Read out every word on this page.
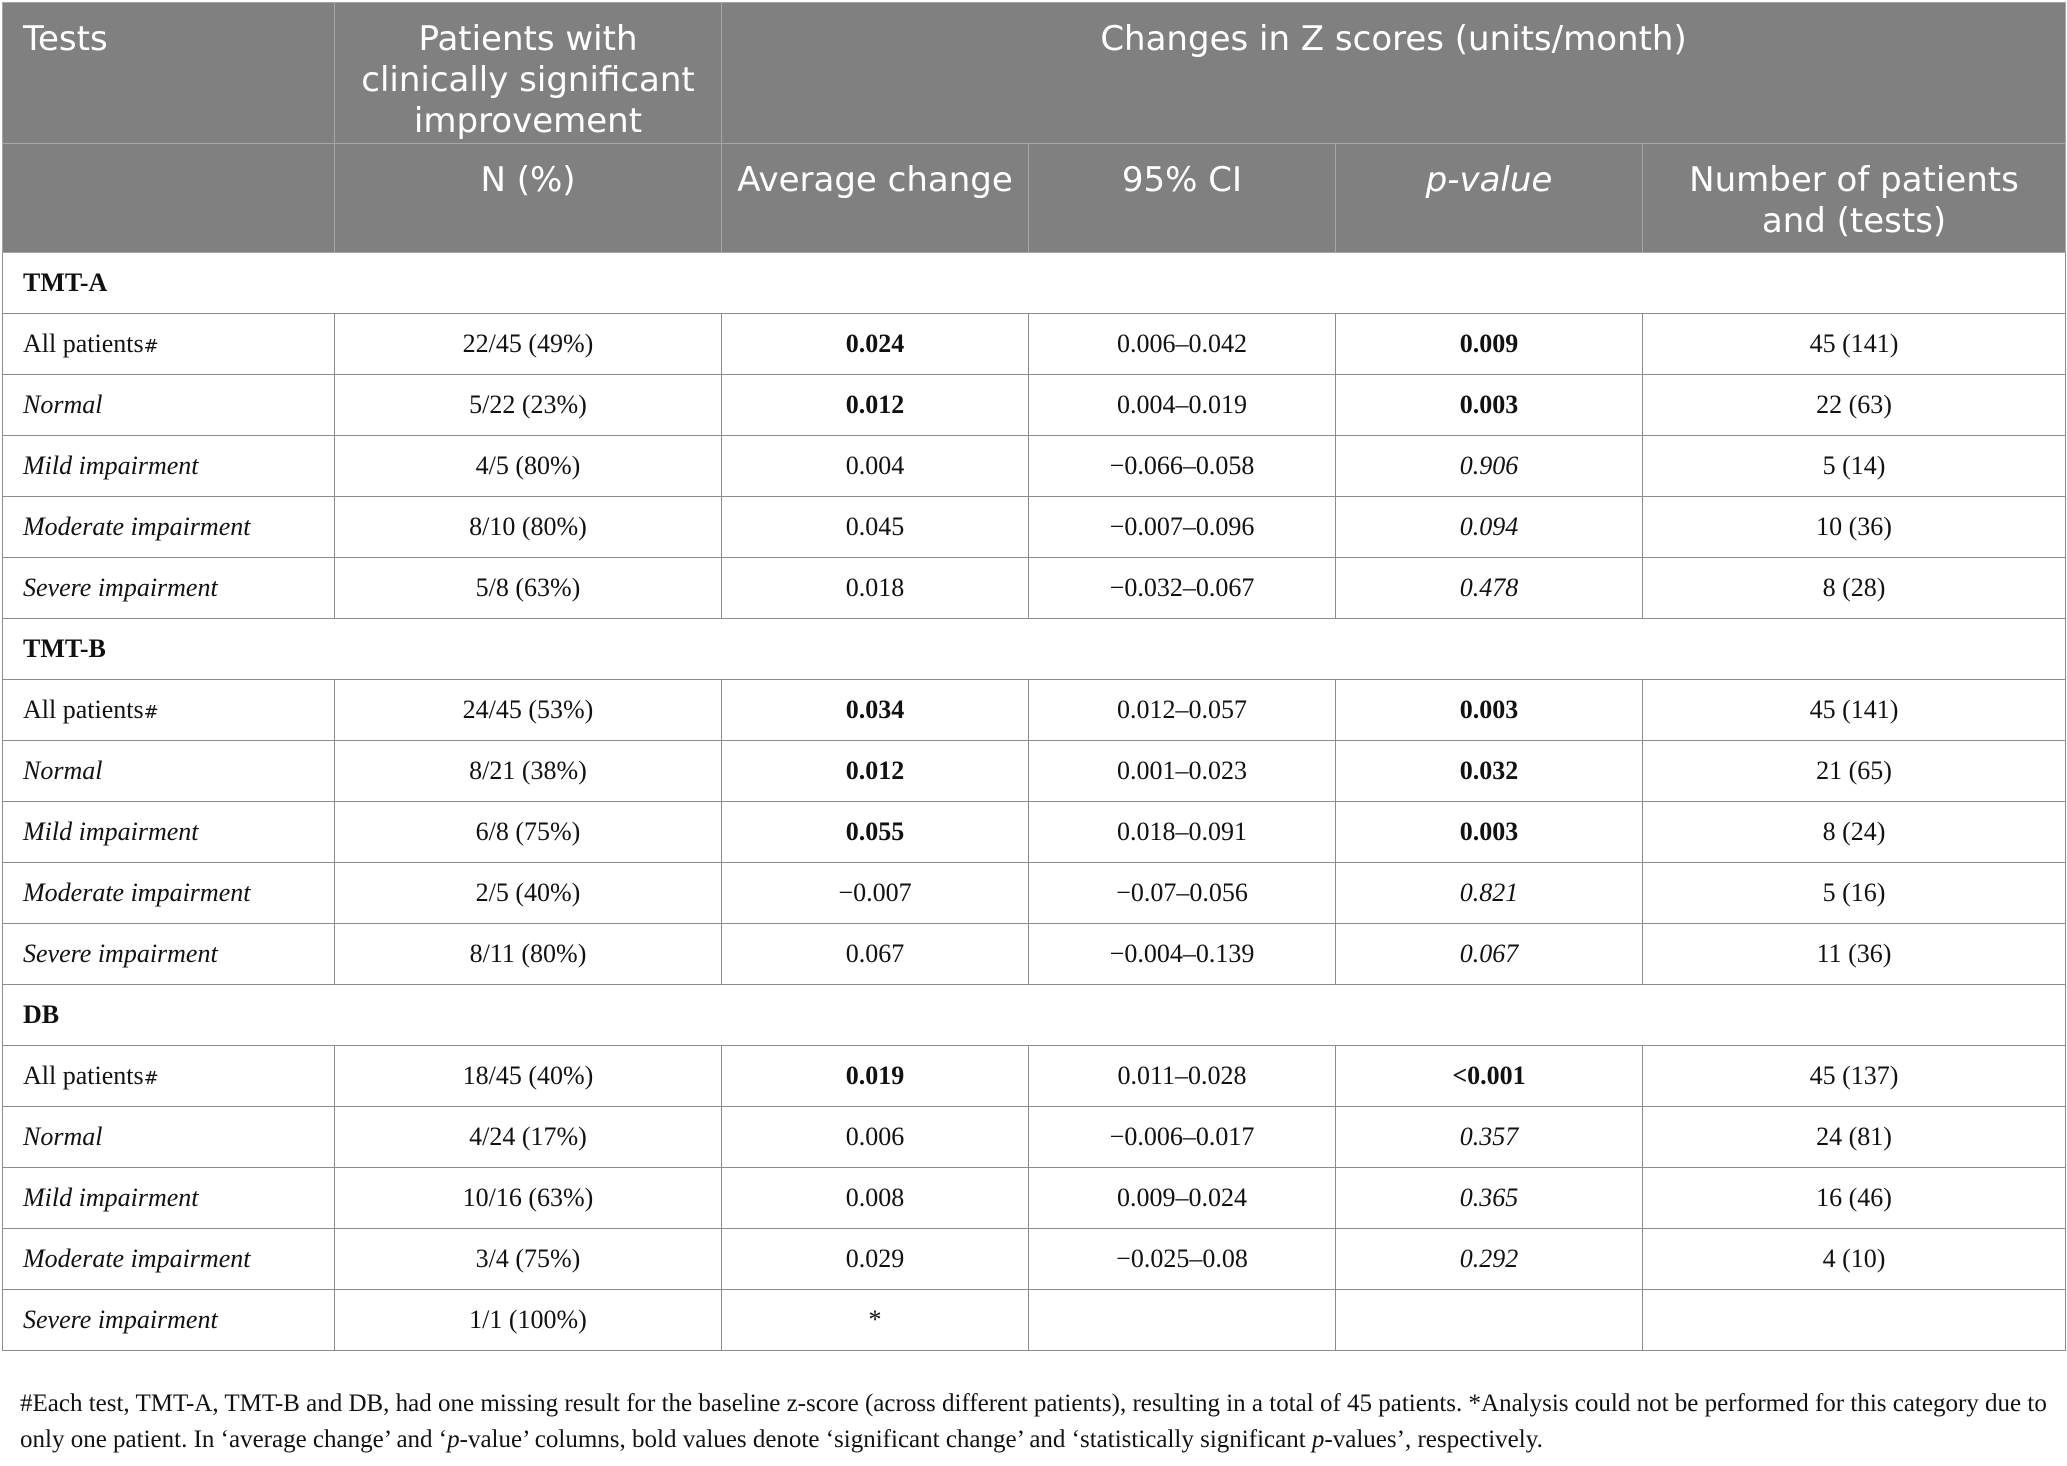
Tests	Patients with clinically significant improvement	Changes in Z scores (units/month)			
	N (%)	Average change	95% CI	p-value	Number of patients and (tests)
TMT-A					
All patients#	22/45 (49%)	0.024	0.006–0.042	0.009	45 (141)
Normal	5/22 (23%)	0.012	0.004–0.019	0.003	22 (63)
Mild impairment	4/5 (80%)	0.004	−0.066–0.058	0.906	5 (14)
Moderate impairment	8/10 (80%)	0.045	−0.007–0.096	0.094	10 (36)
Severe impairment	5/8 (63%)	0.018	−0.032–0.067	0.478	8 (28)
TMT-B					
All patients#	24/45 (53%)	0.034	0.012–0.057	0.003	45 (141)
Normal	8/21 (38%)	0.012	0.001–0.023	0.032	21 (65)
Mild impairment	6/8 (75%)	0.055	0.018–0.091	0.003	8 (24)
Moderate impairment	2/5 (40%)	−0.007	−0.07–0.056	0.821	5 (16)
Severe impairment	8/11 (80%)	0.067	−0.004–0.139	0.067	11 (36)
DB					
All patients#	18/45 (40%)	0.019	0.011–0.028	<0.001	45 (137)
Normal	4/24 (17%)	0.006	−0.006–0.017	0.357	24 (81)
Mild impairment	10/16 (63%)	0.008	0.009–0.024	0.365	16 (46)
Moderate impairment	3/4 (75%)	0.029	−0.025–0.08	0.292	4 (10)
Severe impairment	1/1 (100%)	*			
#Each test, TMT-A, TMT-B and DB, had one missing result for the baseline z-score (across different patients), resulting in a total of 45 patients. *Analysis could not be performed for this category due to only one patient. In ‘average change’ and ‘p-value’ columns, bold values denote ‘significant change’ and ‘statistically significant p-values’, respectively.
